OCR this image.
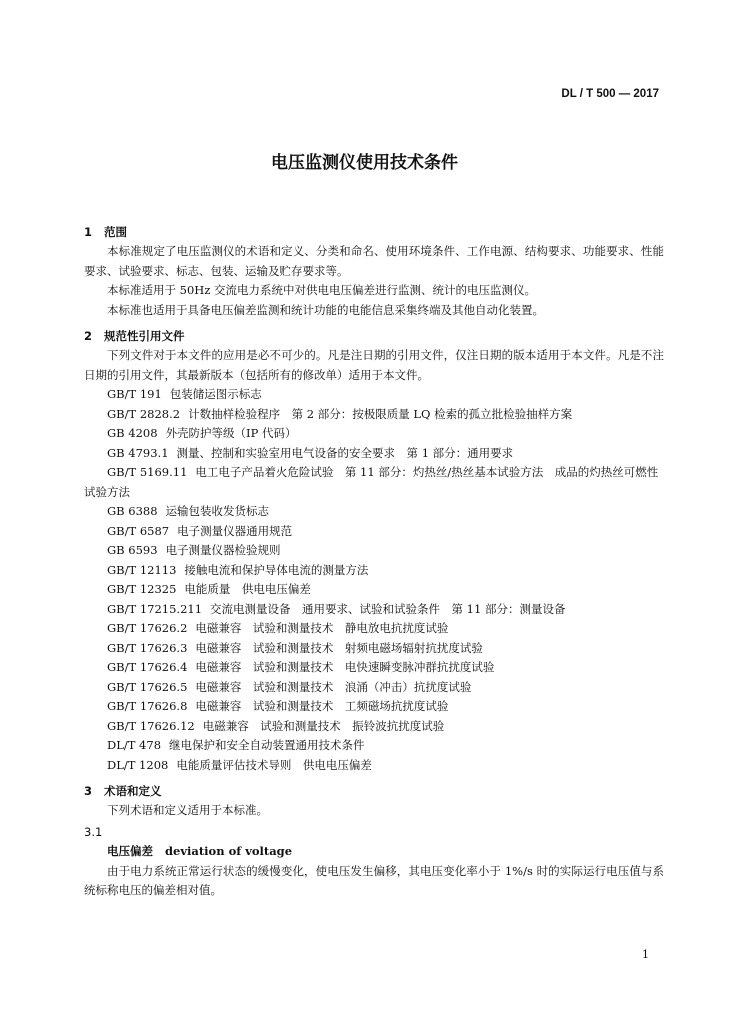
DL / T 500 — 2017
电压监测仪使用技术条件
1 范围

本标准规定了电压监测仪的术语和定义、分类和命名、使用环境条件、工作电源、结构要求、功能要求、性能要求、试验要求、标志、包装、运输及贮存要求等。

本标准适用于 50Hz 交流电力系统中对供电电压偏差进行监测、统计的电压监测仪。

本标准也适用于具备电压偏差监测和统计功能的电能信息采集终端及其他自动化装置。

2 规范性引用文件

下列文件对于本文件的应用是必不可少的。凡是注日期的引用文件，仅注日期的版本适用于本文件。凡是不注日期的引用文件，其最新版本（包括所有的修改单）适用于本文件。

GB/T 191 包装储运图示标志

GB/T 2828.2 计数抽样检验程序　第 2 部分：按极限质量 LQ 检索的孤立批检验抽样方案

GB 4208 外壳防护等级（IP 代码）

GB 4793.1 测量、控制和实验室用电气设备的安全要求　第 1 部分：通用要求

GB/T 5169.11 电工电子产品着火危险试验　第 11 部分：灼热丝/热丝基本试验方法　成品的灼热丝可燃性试验方法

GB 6388 运输包装收发货标志

GB/T 6587 电子测量仪器通用规范

GB 6593 电子测量仪器检验规则

GB/T 12113 接触电流和保护导体电流的测量方法

GB/T 12325 电能质量　供电电压偏差

GB/T 17215.211 交流电测量设备　通用要求、试验和试验条件　第 11 部分：测量设备

GB/T 17626.2 电磁兼容　试验和测量技术　静电放电抗扰度试验

GB/T 17626.3 电磁兼容　试验和测量技术　射频电磁场辐射抗扰度试验

GB/T 17626.4 电磁兼容　试验和测量技术　电快速瞬变脉冲群抗扰度试验

GB/T 17626.5 电磁兼容　试验和测量技术　浪涌（冲击）抗扰度试验

GB/T 17626.8 电磁兼容　试验和测量技术　工频磁场抗扰度试验

GB/T 17626.12 电磁兼容　试验和测量技术　振铃波抗扰度试验

DL/T 478 继电保护和安全自动装置通用技术条件

DL/T 1208 电能质量评估技术导则　供电电压偏差

3 术语和定义

下列术语和定义适用于本标准。

3.1
电压偏差 deviation of voltage

由于电力系统正常运行状态的缓慢变化，使电压发生偏移，其电压变化率小于 1%/s 时的实际运行电压值与系统标称电压的偏差相对值。

1
